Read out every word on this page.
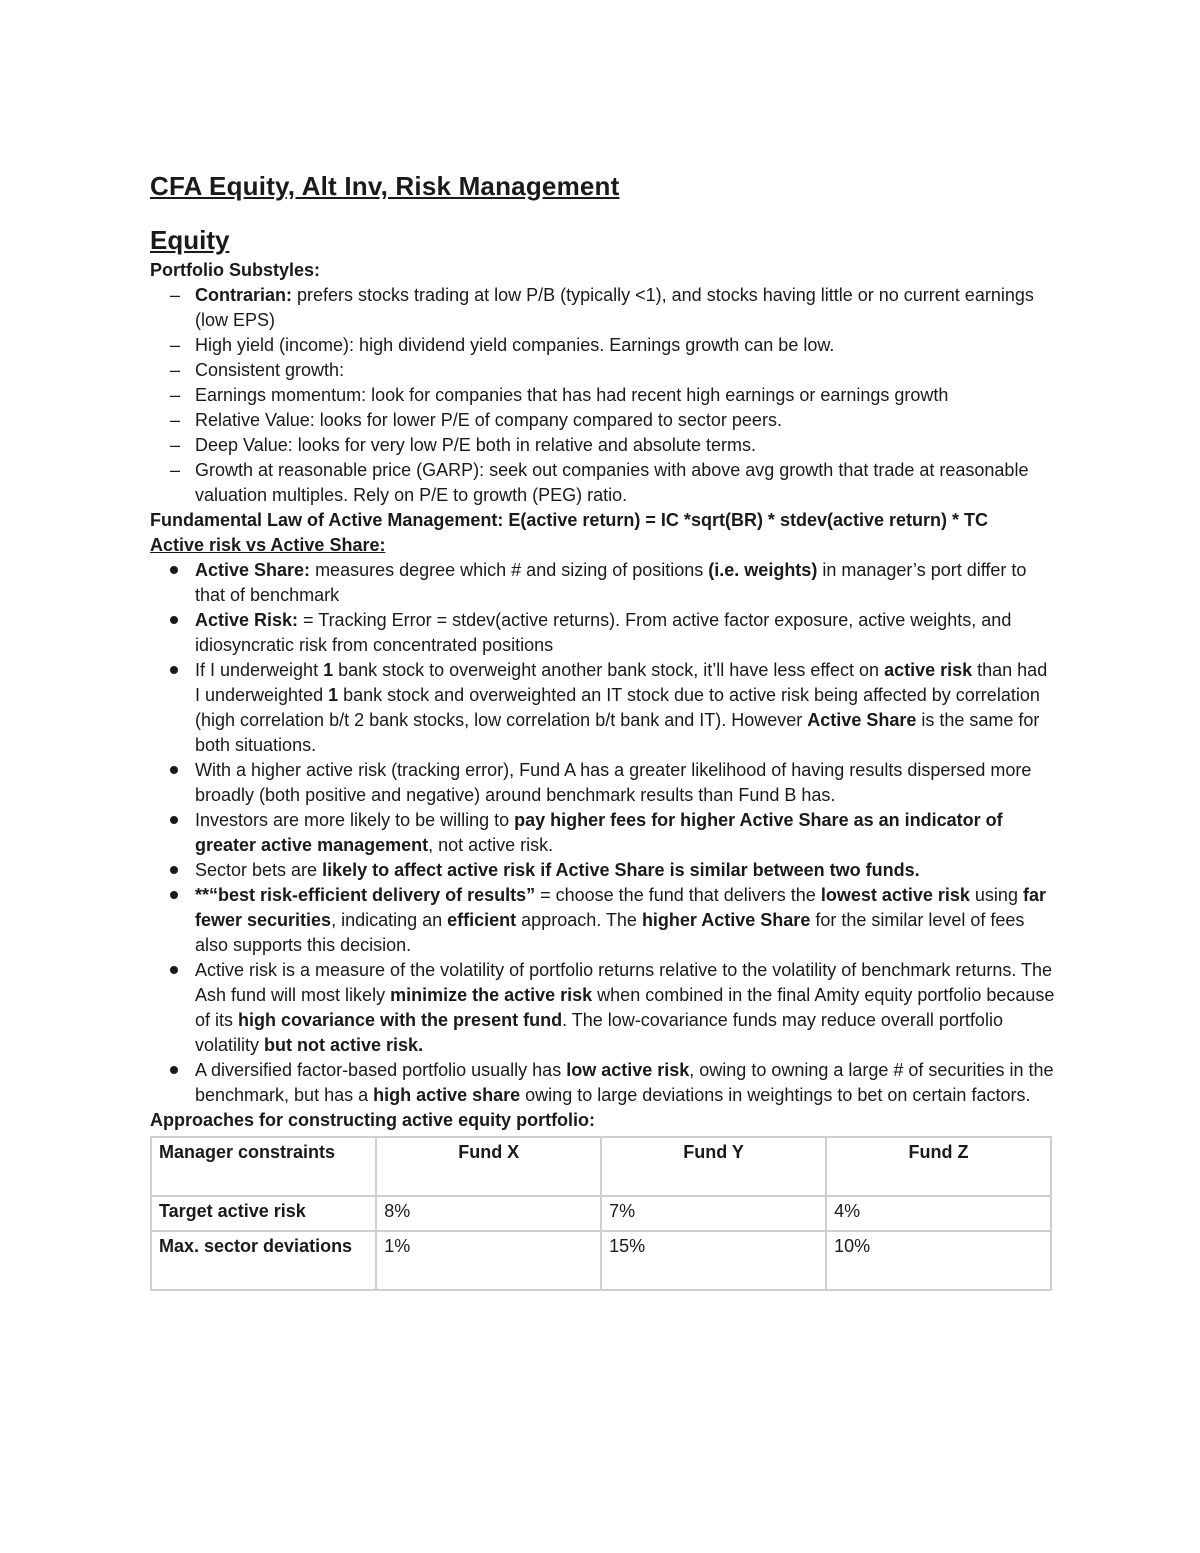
CFA Equity, Alt Inv, Risk Management
Equity

Portfolio Substyles:

– Contrarian: prefers stocks trading at low P/B (typically <1), and stocks having little or no current earnings (low EPS)
– High yield (income): high dividend yield companies. Earnings growth can be low.
– Consistent growth:
– Earnings momentum: look for companies that has had recent high earnings or earnings growth
– Relative Value: looks for lower P/E of company compared to sector peers.
– Deep Value: looks for very low P/E both in relative and absolute terms.
– Growth at reasonable price (GARP): seek out companies with above avg growth that trade at reasonable valuation multiples. Rely on P/E to growth (PEG) ratio.

Fundamental Law of Active Management: E(active return) = IC *sqrt(BR) * stdev(active return) * TC

Active risk vs Active Share:

Active Share: measures degree which # and sizing of positions (i.e. weights) in manager’s port differ to that of benchmark
Active Risk: = Tracking Error = stdev(active returns). From active factor exposure, active weights, and idiosyncratic risk from concentrated positions
If I underweight 1 bank stock to overweight another bank stock, it’ll have less effect on active risk than had I underweighted 1 bank stock and overweighted an IT stock due to active risk being affected by correlation (high correlation b/t 2 bank stocks, low correlation b/t bank and IT). However Active Share is the same for both situations.
With a higher active risk (tracking error), Fund A has a greater likelihood of having results dispersed more broadly (both positive and negative) around benchmark results than Fund B has.
Investors are more likely to be willing to pay higher fees for higher Active Share as an indicator of greater active management, not active risk.
Sector bets are likely to affect active risk if Active Share is similar between two funds.
**“best risk-efficient delivery of results” = choose the fund that delivers the lowest active risk using far fewer securities, indicating an efficient approach. The higher Active Share for the similar level of fees also supports this decision.
Active risk is a measure of the volatility of portfolio returns relative to the volatility of benchmark returns. The Ash fund will most likely minimize the active risk when combined in the final Amity equity portfolio because of its high covariance with the present fund. The low-covariance funds may reduce overall portfolio volatility but not active risk.
A diversified factor-based portfolio usually has low active risk, owing to owning a large # of securities in the benchmark, but has a high active share owing to large deviations in weightings to bet on certain factors.

Approaches for constructing active equity portfolio:

Manager constraints	Fund X	Fund Y	Fund Z
Target active risk	8%	7%	4%
Max. sector deviations	1%	15%	10%
